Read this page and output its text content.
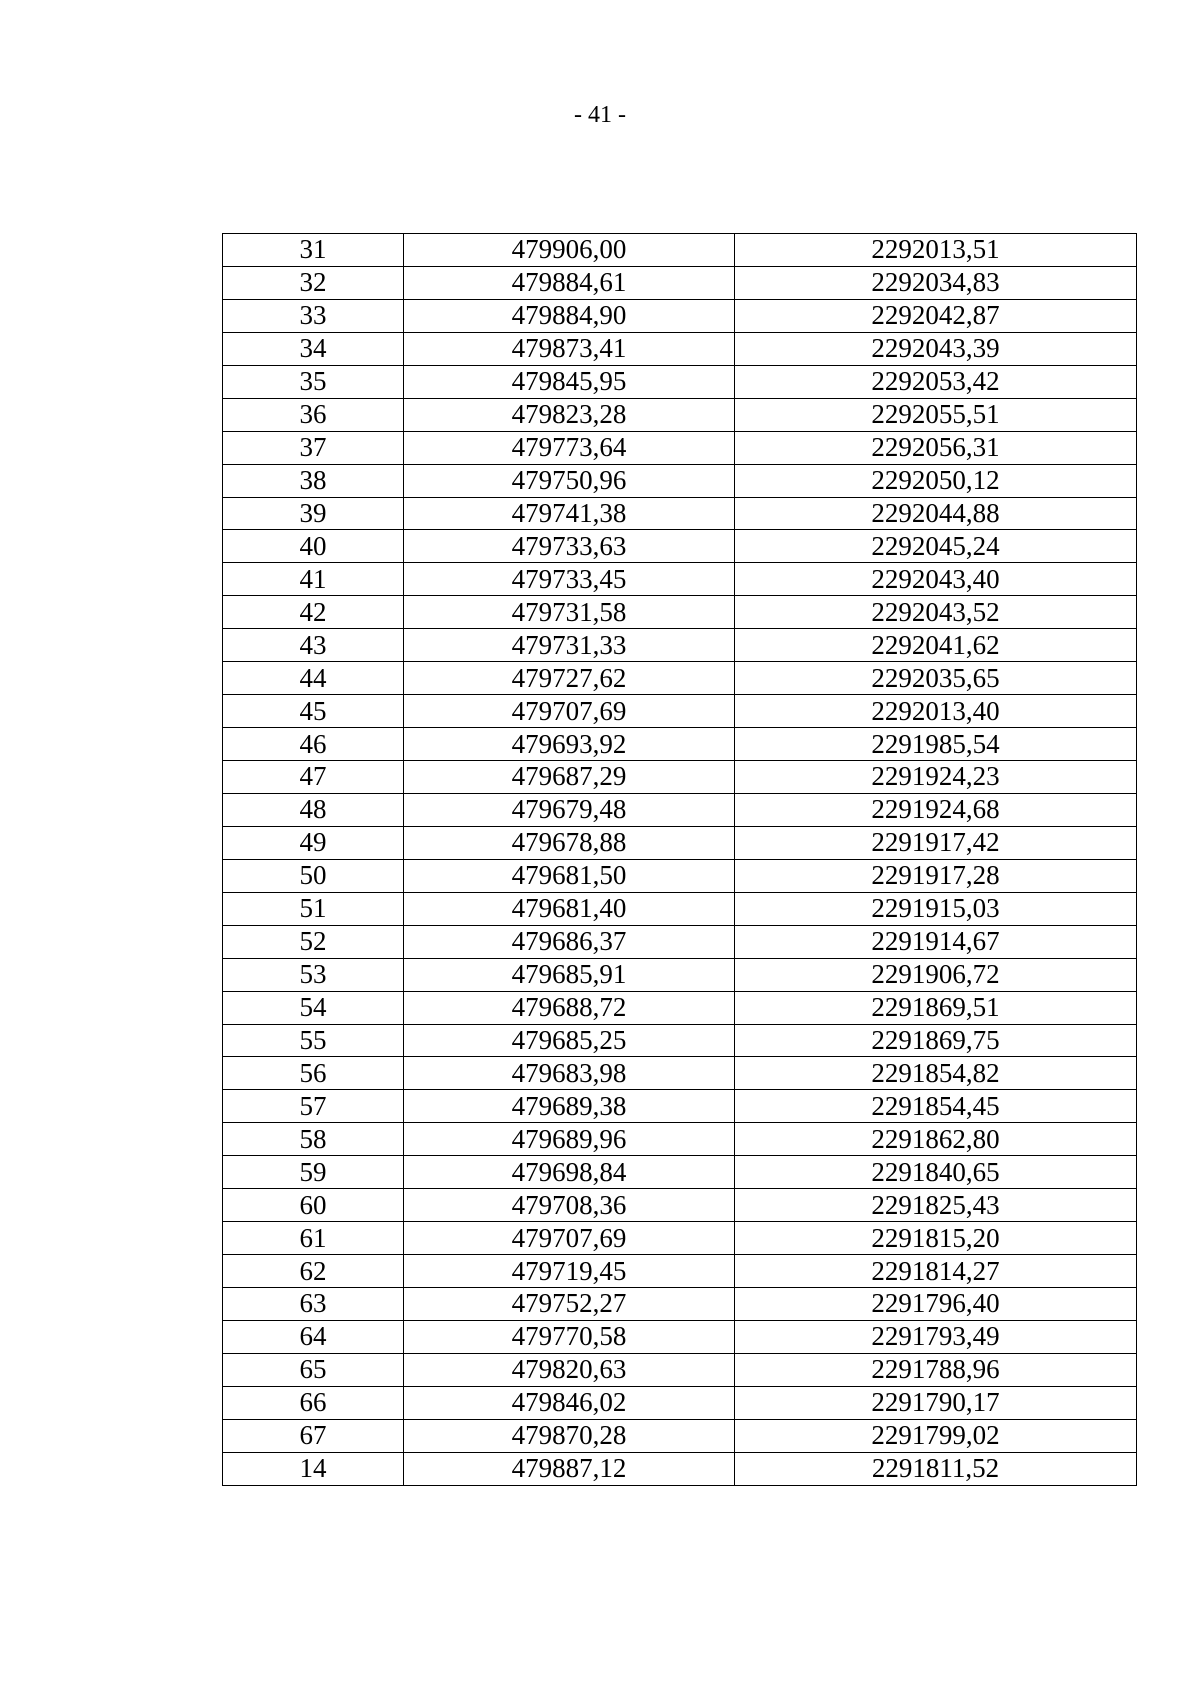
- 41 -
31	479906,00	2292013,51
32	479884,61	2292034,83
33	479884,90	2292042,87
34	479873,41	2292043,39
35	479845,95	2292053,42
36	479823,28	2292055,51
37	479773,64	2292056,31
38	479750,96	2292050,12
39	479741,38	2292044,88
40	479733,63	2292045,24
41	479733,45	2292043,40
42	479731,58	2292043,52
43	479731,33	2292041,62
44	479727,62	2292035,65
45	479707,69	2292013,40
46	479693,92	2291985,54
47	479687,29	2291924,23
48	479679,48	2291924,68
49	479678,88	2291917,42
50	479681,50	2291917,28
51	479681,40	2291915,03
52	479686,37	2291914,67
53	479685,91	2291906,72
54	479688,72	2291869,51
55	479685,25	2291869,75
56	479683,98	2291854,82
57	479689,38	2291854,45
58	479689,96	2291862,80
59	479698,84	2291840,65
60	479708,36	2291825,43
61	479707,69	2291815,20
62	479719,45	2291814,27
63	479752,27	2291796,40
64	479770,58	2291793,49
65	479820,63	2291788,96
66	479846,02	2291790,17
67	479870,28	2291799,02
14	479887,12	2291811,52
